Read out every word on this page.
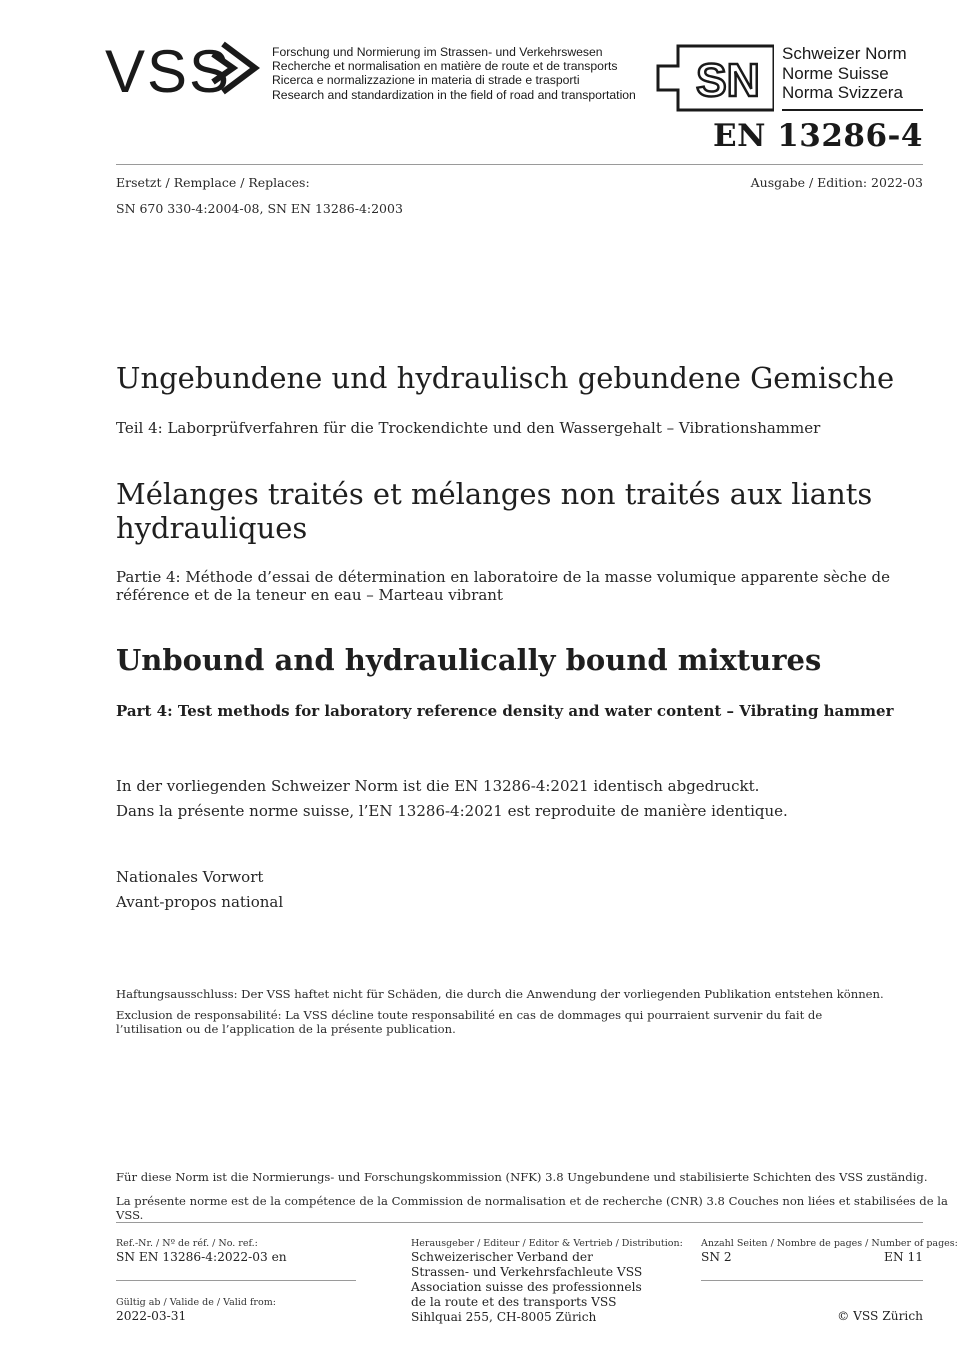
VSS	Forschung und Normierung im Strassen- und Verkehrswesen
Recherche et normalisation en matière de route et de transports
Ricerca e normalizzazione in materia di strade e trasporti
Research and standardization in the field of road and transportation SN
Schweizer Norm
Norme Suisse
Norma Svizzera
EN 13286-4
Ersetzt / Remplace / Replaces:	Ausgabe / Edition: 2022-03
SN 670 330-4:2004-08, SN EN 13286-4:2003
Ungebundene und hydraulisch gebundene Gemische
Teil 4: Laborprüfverfahren für die Trockendichte und den Wassergehalt – Vibrationshammer
Mélanges traités et mélanges non traités aux liants hydrauliques
Partie 4: Méthode d’essai de détermination en laboratoire de la masse volumique apparente sèche de référence et de la teneur en eau – Marteau vibrant
Unbound and hydraulically bound mixtures
Part 4: Test methods for laboratory reference density and water content – Vibrating hammer
In der vorliegenden Schweizer Norm ist die EN 13286-4:2021 identisch abgedruckt.
Dans la présente norme suisse, l’EN 13286-4:2021 est reproduite de manière identique.
Nationales Vorwort
Avant-propos national
Haftungsausschluss: Der VSS haftet nicht für Schäden, die durch die Anwendung der vorliegenden Publikation entstehen können.
Exclusion de responsabilité: La VSS décline toute responsabilité en cas de dommages qui pourraient survenir du fait de l’utilisation ou de l’application de la présente publication.
Für diese Norm ist die Normierungs- und Forschungskommission (NFK) 3.8 Ungebundene und stabilisierte Schichten des VSS zuständig.
La présente norme est de la compétence de la Commission de normalisation et de recherche (CNR) 3.8 Couches non liées et stabilisées de la VSS.
Ref.-Nr. / Nº de réf. / No. ref.:
SN EN 13286-4:2022-03 en
Gültig ab / Valide de / Valid from:
2022-03-31
Herausgeber / Editeur / Editor & Vertrieb / Distribution:
Schweizerischer Verband der
Strassen- und Verkehrsfachleute VSS
Association suisse des professionnels
de la route et des transports VSS
Sihlquai 255, CH-8005 Zürich
Anzahl Seiten / Nombre de pages / Number of pages:
SN 2	EN 11
© VSS Zürich
